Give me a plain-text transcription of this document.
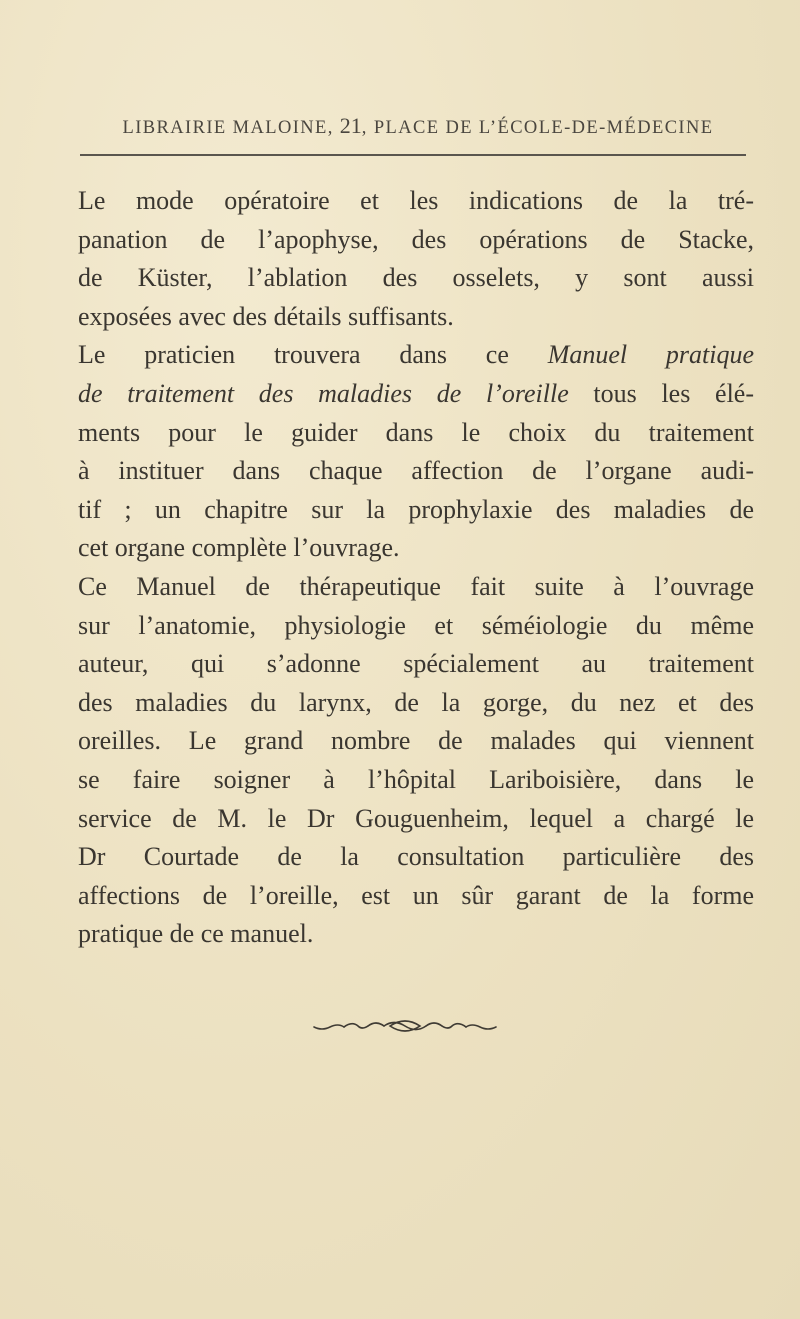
LIBRAIRIE MALOINE, 21, PLACE DE L’ÉCOLE-DE-MÉDECINE
Le mode opératoire et les indications de la tré-
panation de l’apophyse, des opérations de Stacke,
de Küster, l’ablation des osselets, y sont aussi
exposées avec des détails suffisants.
Le praticien trouvera dans ce Manuel pratique
de traitement des maladies de l’oreille tous les élé-
ments pour le guider dans le choix du traitement
à instituer dans chaque affection de l’organe audi-
tif ; un chapitre sur la prophylaxie des maladies de
cet organe complète l’ouvrage.
Ce Manuel de thérapeutique fait suite à l’ouvrage
sur l’anatomie, physiologie et séméiologie du même
auteur, qui s’adonne spécialement au traitement
des maladies du larynx, de la gorge, du nez et des
oreilles. Le grand nombre de malades qui viennent
se faire soigner à l’hôpital Lariboisière, dans le
service de M. le Dr Gouguenheim, lequel a chargé le
Dr Courtade de la consultation particulière des
affections de l’oreille, est un sûr garant de la forme
pratique de ce manuel.
